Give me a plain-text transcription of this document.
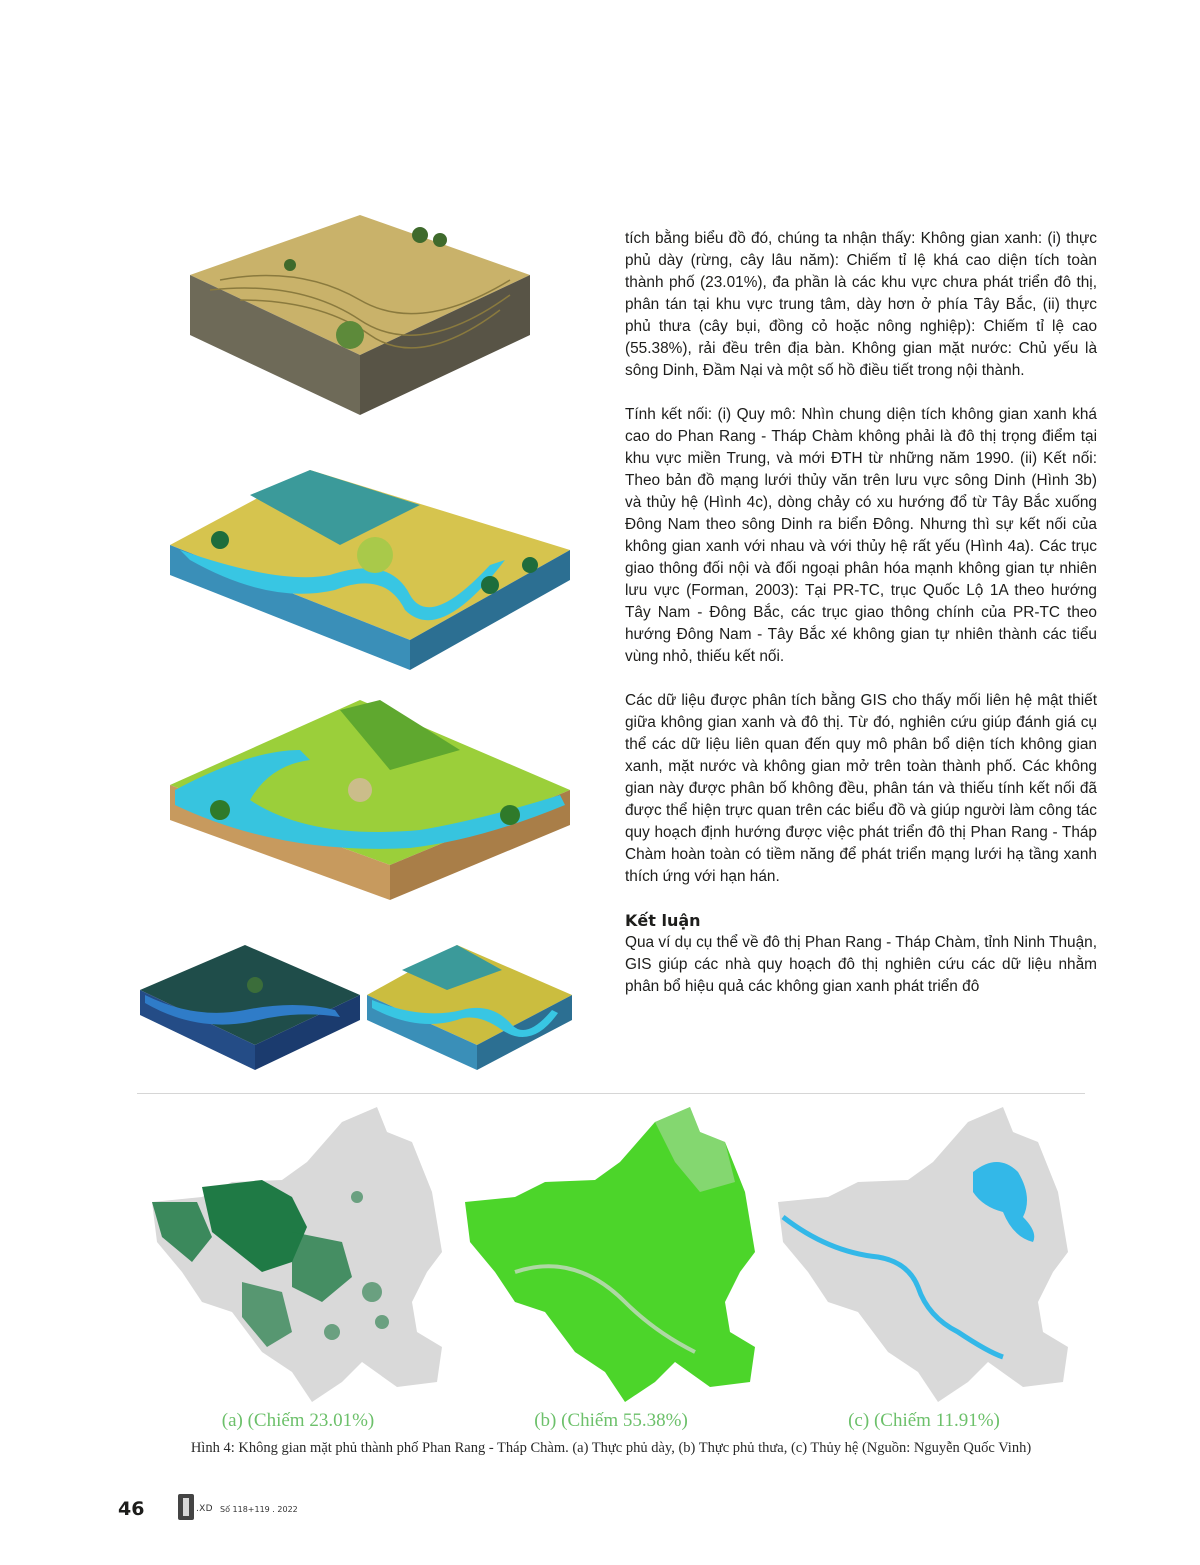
tích bằng biểu đồ đó, chúng ta nhận thấy: Không gian xanh: (i) thực phủ dày (rừng, cây lâu năm): Chiếm tỉ lệ khá cao diện tích toàn thành phố (23.01%), đa phần là các khu vực chưa phát triển đô thị, phân tán tại khu vực trung tâm, dày hơn ở phía Tây Bắc, (ii) thực phủ thưa (cây bụi, đồng cỏ hoặc nông nghiệp): Chiếm tỉ lệ cao (55.38%), rải đều trên địa bàn. Không gian mặt nước: Chủ yếu là sông Dinh, Đầm Nại và một số hồ điều tiết trong nội thành.

Tính kết nối: (i) Quy mô: Nhìn chung diện tích không gian xanh khá cao do Phan Rang - Tháp Chàm không phải là đô thị trọng điểm tại khu vực miền Trung, và mới ĐTH từ những năm 1990. (ii) Kết nối: Theo bản đồ mạng lưới thủy văn trên lưu vực sông Dinh (Hình 3b) và thủy hệ (Hình 4c), dòng chảy có xu hướng đổ từ Tây Bắc xuống Đông Nam theo sông Dinh ra biển Đông. Nhưng thì sự kết nối của không gian xanh với nhau và với thủy hệ rất yếu (Hình 4a). Các trục giao thông đối nội và đối ngoại phân hóa mạnh không gian tự nhiên lưu vực (Forman, 2003): Tại PR-TC, trục Quốc Lộ 1A theo hướng Tây Nam - Đông Bắc, các trục giao thông chính của PR-TC theo hướng Đông Nam - Tây Bắc xé không gian tự nhiên thành các tiểu vùng nhỏ, thiếu kết nối.

Các dữ liệu được phân tích bằng GIS cho thấy mối liên hệ mật thiết giữa không gian xanh và đô thị. Từ đó, nghiên cứu giúp đánh giá cụ thể các dữ liệu liên quan đến quy mô phân bổ diện tích không gian xanh, mặt nước và không gian mở trên toàn thành phố. Các không gian này được phân bố không đều, phân tán và thiếu tính kết nối đã được thể hiện trực quan trên các biểu đồ và giúp người làm công tác quy hoạch định hướng được việc phát triển đô thị Phan Rang - Tháp Chàm hoàn toàn có tiềm năng để phát triển mạng lưới hạ tầng xanh thích ứng với hạn hán.

Kết luận

Qua ví dụ cụ thể về đô thị Phan Rang - Tháp Chàm, tỉnh Ninh Thuận, GIS giúp các nhà quy hoạch đô thị nghiên cứu các dữ liệu nhằm phân bổ hiệu quả các không gian xanh phát triển đô

(a) (Chiếm 23.01%)	(b) (Chiếm 55.38%)	(c) (Chiếm 11.91%)
Hình 4: Không gian mặt phủ thành phố Phan Rang - Tháp Chàm. (a) Thực phủ dày, (b) Thực phủ thưa, (c) Thủy hệ (Nguồn: Nguyễn Quốc Vinh)
46	.XD Số 118+119 . 2022
